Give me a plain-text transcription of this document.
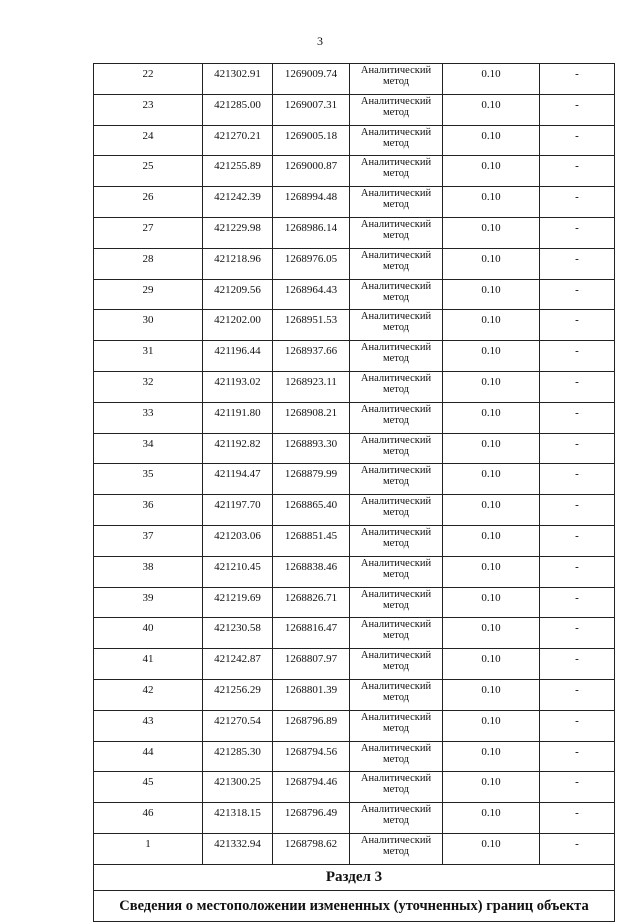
3
22	421302.91	1269009.74	Аналитический метод	0.10	-
23	421285.00	1269007.31	Аналитический метод	0.10	-
24	421270.21	1269005.18	Аналитический метод	0.10	-
25	421255.89	1269000.87	Аналитический метод	0.10	-
26	421242.39	1268994.48	Аналитический метод	0.10	-
27	421229.98	1268986.14	Аналитический метод	0.10	-
28	421218.96	1268976.05	Аналитический метод	0.10	-
29	421209.56	1268964.43	Аналитический метод	0.10	-
30	421202.00	1268951.53	Аналитический метод	0.10	-
31	421196.44	1268937.66	Аналитический метод	0.10	-
32	421193.02	1268923.11	Аналитический метод	0.10	-
33	421191.80	1268908.21	Аналитический метод	0.10	-
34	421192.82	1268893.30	Аналитический метод	0.10	-
35	421194.47	1268879.99	Аналитический метод	0.10	-
36	421197.70	1268865.40	Аналитический метод	0.10	-
37	421203.06	1268851.45	Аналитический метод	0.10	-
38	421210.45	1268838.46	Аналитический метод	0.10	-
39	421219.69	1268826.71	Аналитический метод	0.10	-
40	421230.58	1268816.47	Аналитический метод	0.10	-
41	421242.87	1268807.97	Аналитический метод	0.10	-
42	421256.29	1268801.39	Аналитический метод	0.10	-
43	421270.54	1268796.89	Аналитический метод	0.10	-
44	421285.30	1268794.56	Аналитический метод	0.10	-
45	421300.25	1268794.46	Аналитический метод	0.10	-
46	421318.15	1268796.49	Аналитический метод	0.10	-
1	421332.94	1268798.62	Аналитический метод	0.10	-
Раздел 3					
Сведения о местоположении измененных (уточненных) границ объекта					
